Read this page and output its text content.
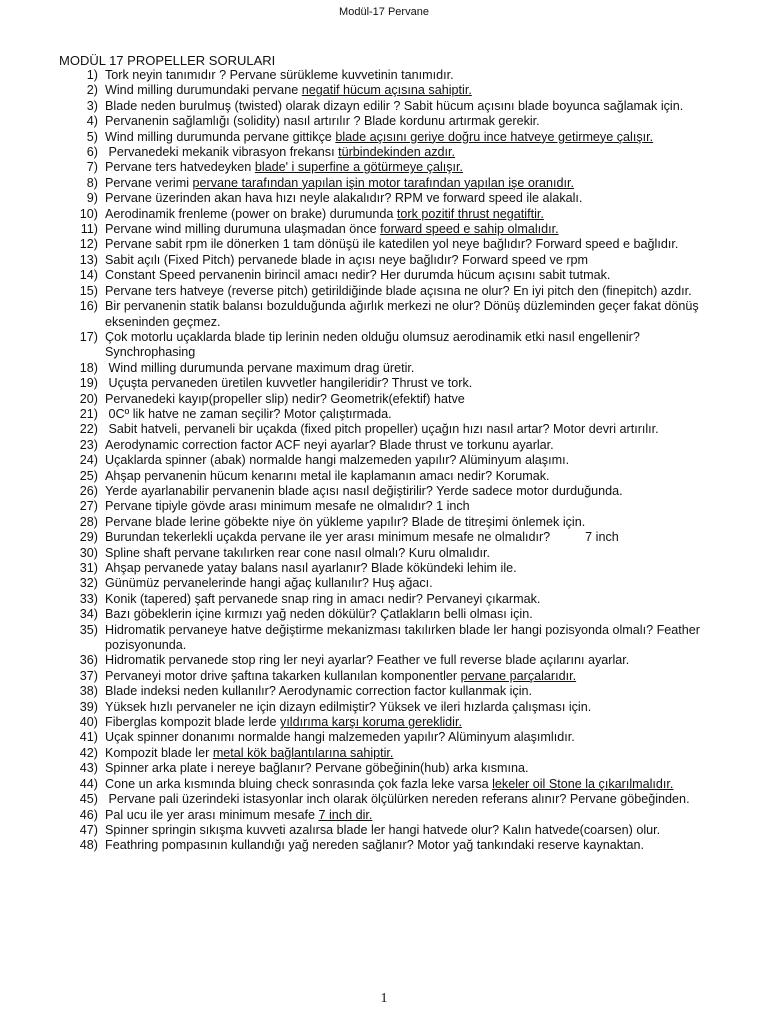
Modül-17 Pervane
MODÜL 17 PROPELLER SORULARI
1) Tork neyin tanımıdır ? Pervane sürükleme kuvvetinin tanımıdır.
2) Wind milling durumundaki pervane negatif hücum açısına sahiptir.
3) Blade neden burulmuş (twisted) olarak dizayn edilir ? Sabit hücum açısını blade boyunca sağlamak için.
4) Pervanenin sağlamlığı (solidity) nasıl artırılır ? Blade kordunu artırmak gerekir.
5) Wind milling durumunda pervane gittikçe blade açısını geriye doğru ince hatveye getirmeye çalışır.
6) Pervanedeki mekanik vibrasyon frekansı türbindekinden azdır.
7) Pervane ters hatvedeyken blade' i superfine a götürmeye çalışır.
8) Pervane verimi pervane tarafından yapılan işin motor tarafından yapılan işe oranıdır.
9) Pervane üzerinden akan hava hızı neyle alakalıdır? RPM ve forward speed ile alakalı.
10) Aerodinamik frenleme (power on brake) durumunda tork pozitif thrust negatiftir.
11) Pervane wind milling durumuna ulaşmadan önce forward speed e sahip olmalıdır.
12) Pervane sabit rpm ile dönerken 1 tam dönüşü ile katedilen yol neye bağlıdır? Forward speed e bağlıdır.
13) Sabit açılı (Fixed Pitch) pervanede blade in açısı neye bağlıdır? Forward speed ve rpm
14) Constant Speed pervanenin birincil amacı nedir? Her durumda hücum açısını sabit tutmak.
15) Pervane ters hatveye (reverse pitch) getirildiğinde blade açısına ne olur? En iyi pitch den (finepitch) azdır.
16) Bir pervanenin statik balansı bozulduğunda ağırlık merkezi ne olur? Dönüş düzleminden geçer fakat dönüş ekseninden geçmez.
17) Çok motorlu uçaklarda blade tip lerinin neden olduğu olumsuz aerodinamik etki nasıl engellenir? Synchrophasing
18) Wind milling durumunda pervane maximum drag üretir.
19) Uçuşta pervaneden üretilen kuvvetler hangileridir? Thrust ve tork.
20) Pervanedeki kayıp(propeller slip) nedir? Geometrik(efektif) hatve
21) 0Cº lik hatve ne zaman seçilir? Motor çalıştırmada.
22) Sabit hatveli, pervaneli bir uçakda (fixed pitch propeller) uçağın hızı nasıl artar? Motor devri artırılır.
23) Aerodynamic correction factor ACF neyi ayarlar? Blade thrust ve torkunu ayarlar.
24) Uçaklarda spinner (abak) normalde hangi malzemeden yapılır? Alüminyum alaşımı.
25) Ahşap pervanenin hücum kenarını metal ile kaplamanın amacı nedir? Korumak.
26) Yerde ayarlanabilir pervanenin blade açısı nasıl değiştirilir? Yerde sadece motor durduğunda.
27) Pervane tipiyle gövde arası minimum mesafe ne olmalıdır? 1 inch
28) Pervane blade lerine göbekte niye ön yükleme yapılır? Blade de titreşimi önlemek için.
29) Burundan tekerlekli uçakda pervane ile yer arası minimum mesafe ne olmalıdır?          7 inch
30) Spline shaft pervane takılırken rear cone nasıl olmalı? Kuru olmalıdır.
31) Ahşap pervanede yatay balans nasıl ayarlanır? Blade kökündeki lehim ile.
32) Günümüz pervanelerinde hangi ağaç kullanılır? Huş ağacı.
33) Konik (tapered) şaft pervanede snap ring in amacı nedir? Pervaneyi çıkarmak.
34) Bazı göbeklerin içine kırmızı yağ neden dökülür? Çatlakların belli olması için.
35) Hidromatik pervaneye hatve değiştirme mekanizması takılırken blade ler hangi pozisyonda olmalı? Feather pozisyonunda.
36) Hidromatik pervanede stop ring ler neyi ayarlar? Feather ve full reverse blade açılarını ayarlar.
37) Pervaneyi motor drive şaftına takarken kullanılan komponentler pervane parçalarıdır.
38) Blade indeksi neden kullanılır? Aerodynamic correction factor kullanmak için.
39) Yüksek hızlı pervaneler ne için dizayn edilmiştir? Yüksek ve ileri hızlarda çalışması için.
40) Fiberglas kompozit blade lerde yıldırıma karşı koruma gereklidir.
41) Uçak spinner donanımı normalde hangi malzemeden yapılır? Alüminyum alaşımlıdır.
42) Kompozit blade ler metal kök bağlantılarına sahiptir.
43) Spinner arka plate i nereye bağlanır? Pervane göbeğinin(hub) arka kısmına.
44) Cone un arka kısmında bluing check sonrasında çok fazla leke varsa lekeler oil Stone la çıkarılmalıdır.
45) Pervane pali üzerindeki istasyonlar inch olarak ölçülürken nereden referans alınır? Pervane göbeğinden.
46) Pal ucu ile yer arası minimum mesafe 7 inch dir.
47) Spinner springin sıkışma kuvveti azalırsa blade ler hangi hatvede olur? Kalın hatvede(coarsen) olur.
48) Feathring pompasının kullandığı yağ nereden sağlanır? Motor yağ tankındaki reserve kaynaktan.
1
